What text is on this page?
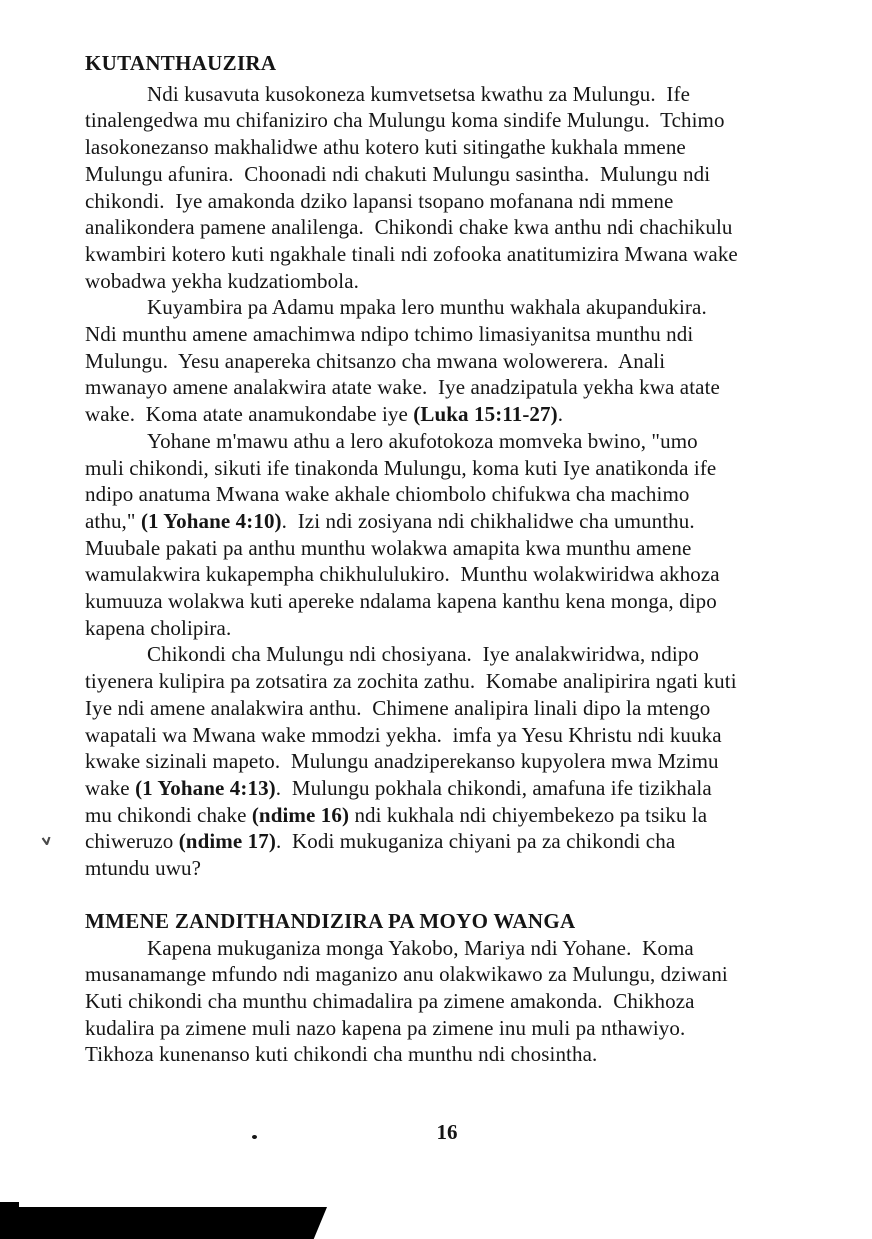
KUTANTHAUZIRA
Ndi kusavuta kusokoneza kumvetsetsa kwathu za Mulungu.  Ife
tinalengedwa mu chifaniziro cha Mulungu koma sindife Mulungu.  Tchimo
lasokonezanso makhalidwe athu kotero kuti sitingathe kukhala mmene
Mulungu afunira.  Choonadi ndi chakuti Mulungu sasintha.  Mulungu ndi
chikondi.  Iye amakonda dziko lapansi tsopano mofanana ndi mmene
analikondera pamene analilenga.  Chikondi chake kwa anthu ndi chachikulu
kwambiri kotero kuti ngakhale tinali ndi zofooka anatitumizira Mwana wake
wobadwa yekha kudzatiombola.
Kuyambira pa Adamu mpaka lero munthu wakhala akupandukira.
Ndi munthu amene amachimwa ndipo tchimo limasiyanitsa munthu ndi
Mulungu.  Yesu anapereka chitsanzo cha mwana wolowerera.  Anali
mwanayo amene analakwira atate wake.  Iye anadzipatula yekha kwa atate
wake.  Koma atate anamukondabe iye (Luka 15:11-27).
Yohane m'mawu athu a lero akufotokoza momveka bwino, "umo
muli chikondi, sikuti ife tinakonda Mulungu, koma kuti Iye anatikonda ife
ndipo anatuma Mwana wake akhale chiombolo chifukwa cha machimo
athu," (1 Yohane 4:10).  Izi ndi zosiyana ndi chikhalidwe cha umunthu.
Muubale pakati pa anthu munthu wolakwa amapita kwa munthu amene
wamulakwira kukapempha chikhululukiro.  Munthu wolakwiridwa akhoza
kumuuza wolakwa kuti apereke ndalama kapena kanthu kena monga, dipo
kapena cholipira.
Chikondi cha Mulungu ndi chosiyana.  Iye analakwiridwa, ndipo
tiyenera kulipira pa zotsatira za zochita zathu.  Komabe analipirira ngati kuti
Iye ndi amene analakwira anthu.  Chimene analipira linali dipo la mtengo
wapatali wa Mwana wake mmodzi yekha.  imfa ya Yesu Khristu ndi kuuka
kwake sizinali mapeto.  Mulungu anadziperekanso kupyolera mwa Mzimu
wake (1 Yohane 4:13).  Mulungu pokhala chikondi, amafuna ife tizikhala
mu chikondi chake (ndime 16) ndi kukhala ndi chiyembekezo pa tsiku la
chiweruzo (ndime 17).  Kodi mukuganiza chiyani pa za chikondi cha
mtundu uwu?
MMENE ZANDITHANDIZIRA PA MOYO WANGA
Kapena mukuganiza monga Yakobo, Mariya ndi Yohane.  Koma
musanamange mfundo ndi maganizo anu olakwikawo za Mulungu, dziwani
Kuti chikondi cha munthu chimadalira pa zimene amakonda.  Chikhoza
kudalira pa zimene muli nazo kapena pa zimene inu muli pa nthawiyo.
Tikhoza kunenanso kuti chikondi cha munthu ndi chosintha.
16
